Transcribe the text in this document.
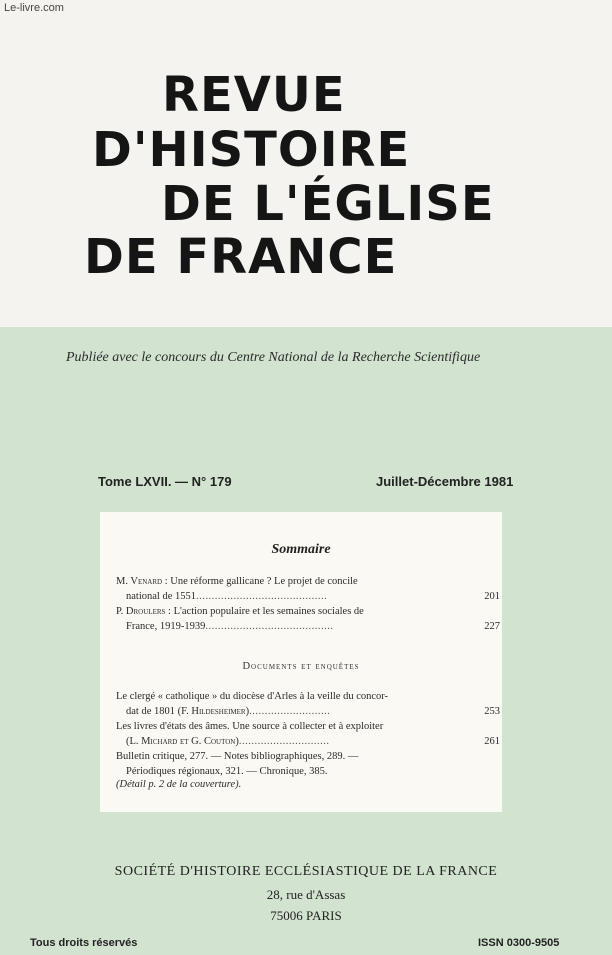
Le-livre.com
REVUE
D'HISTOIRE
DE L'ÉGLISE
DE FRANCE
Publiée avec le concours du Centre National de la Recherche Scientifique
Tome LXVII. — N° 179	Juillet-Décembre 1981
Sommaire
M. Venard : Une réforme gallicane ? Le projet de concile
national de 1551..........................................	201
P. Droulers : L'action populaire et les semaines sociales de
France, 1919-1939.........................................	227
Documents et enquêtes
Le clergé « catholique » du diocèse d'Arles à la veille du concor-
dat de 1801 (F. Hildesheimer)..........................	253
Les livres d'états des âmes. Une source à collecter et à exploiter
(L. Michard et G. Couton).............................	261
Bulletin critique, 277. — Notes bibliographiques, 289. —
Périodiques régionaux, 321. — Chronique, 385.
(Détail p. 2 de la couverture).
SOCIÉTÉ D'HISTOIRE ECCLÉSIASTIQUE DE LA FRANCE
28, rue d'Assas
75006 PARIS
Tous droits réservés	ISSN 0300-9505
